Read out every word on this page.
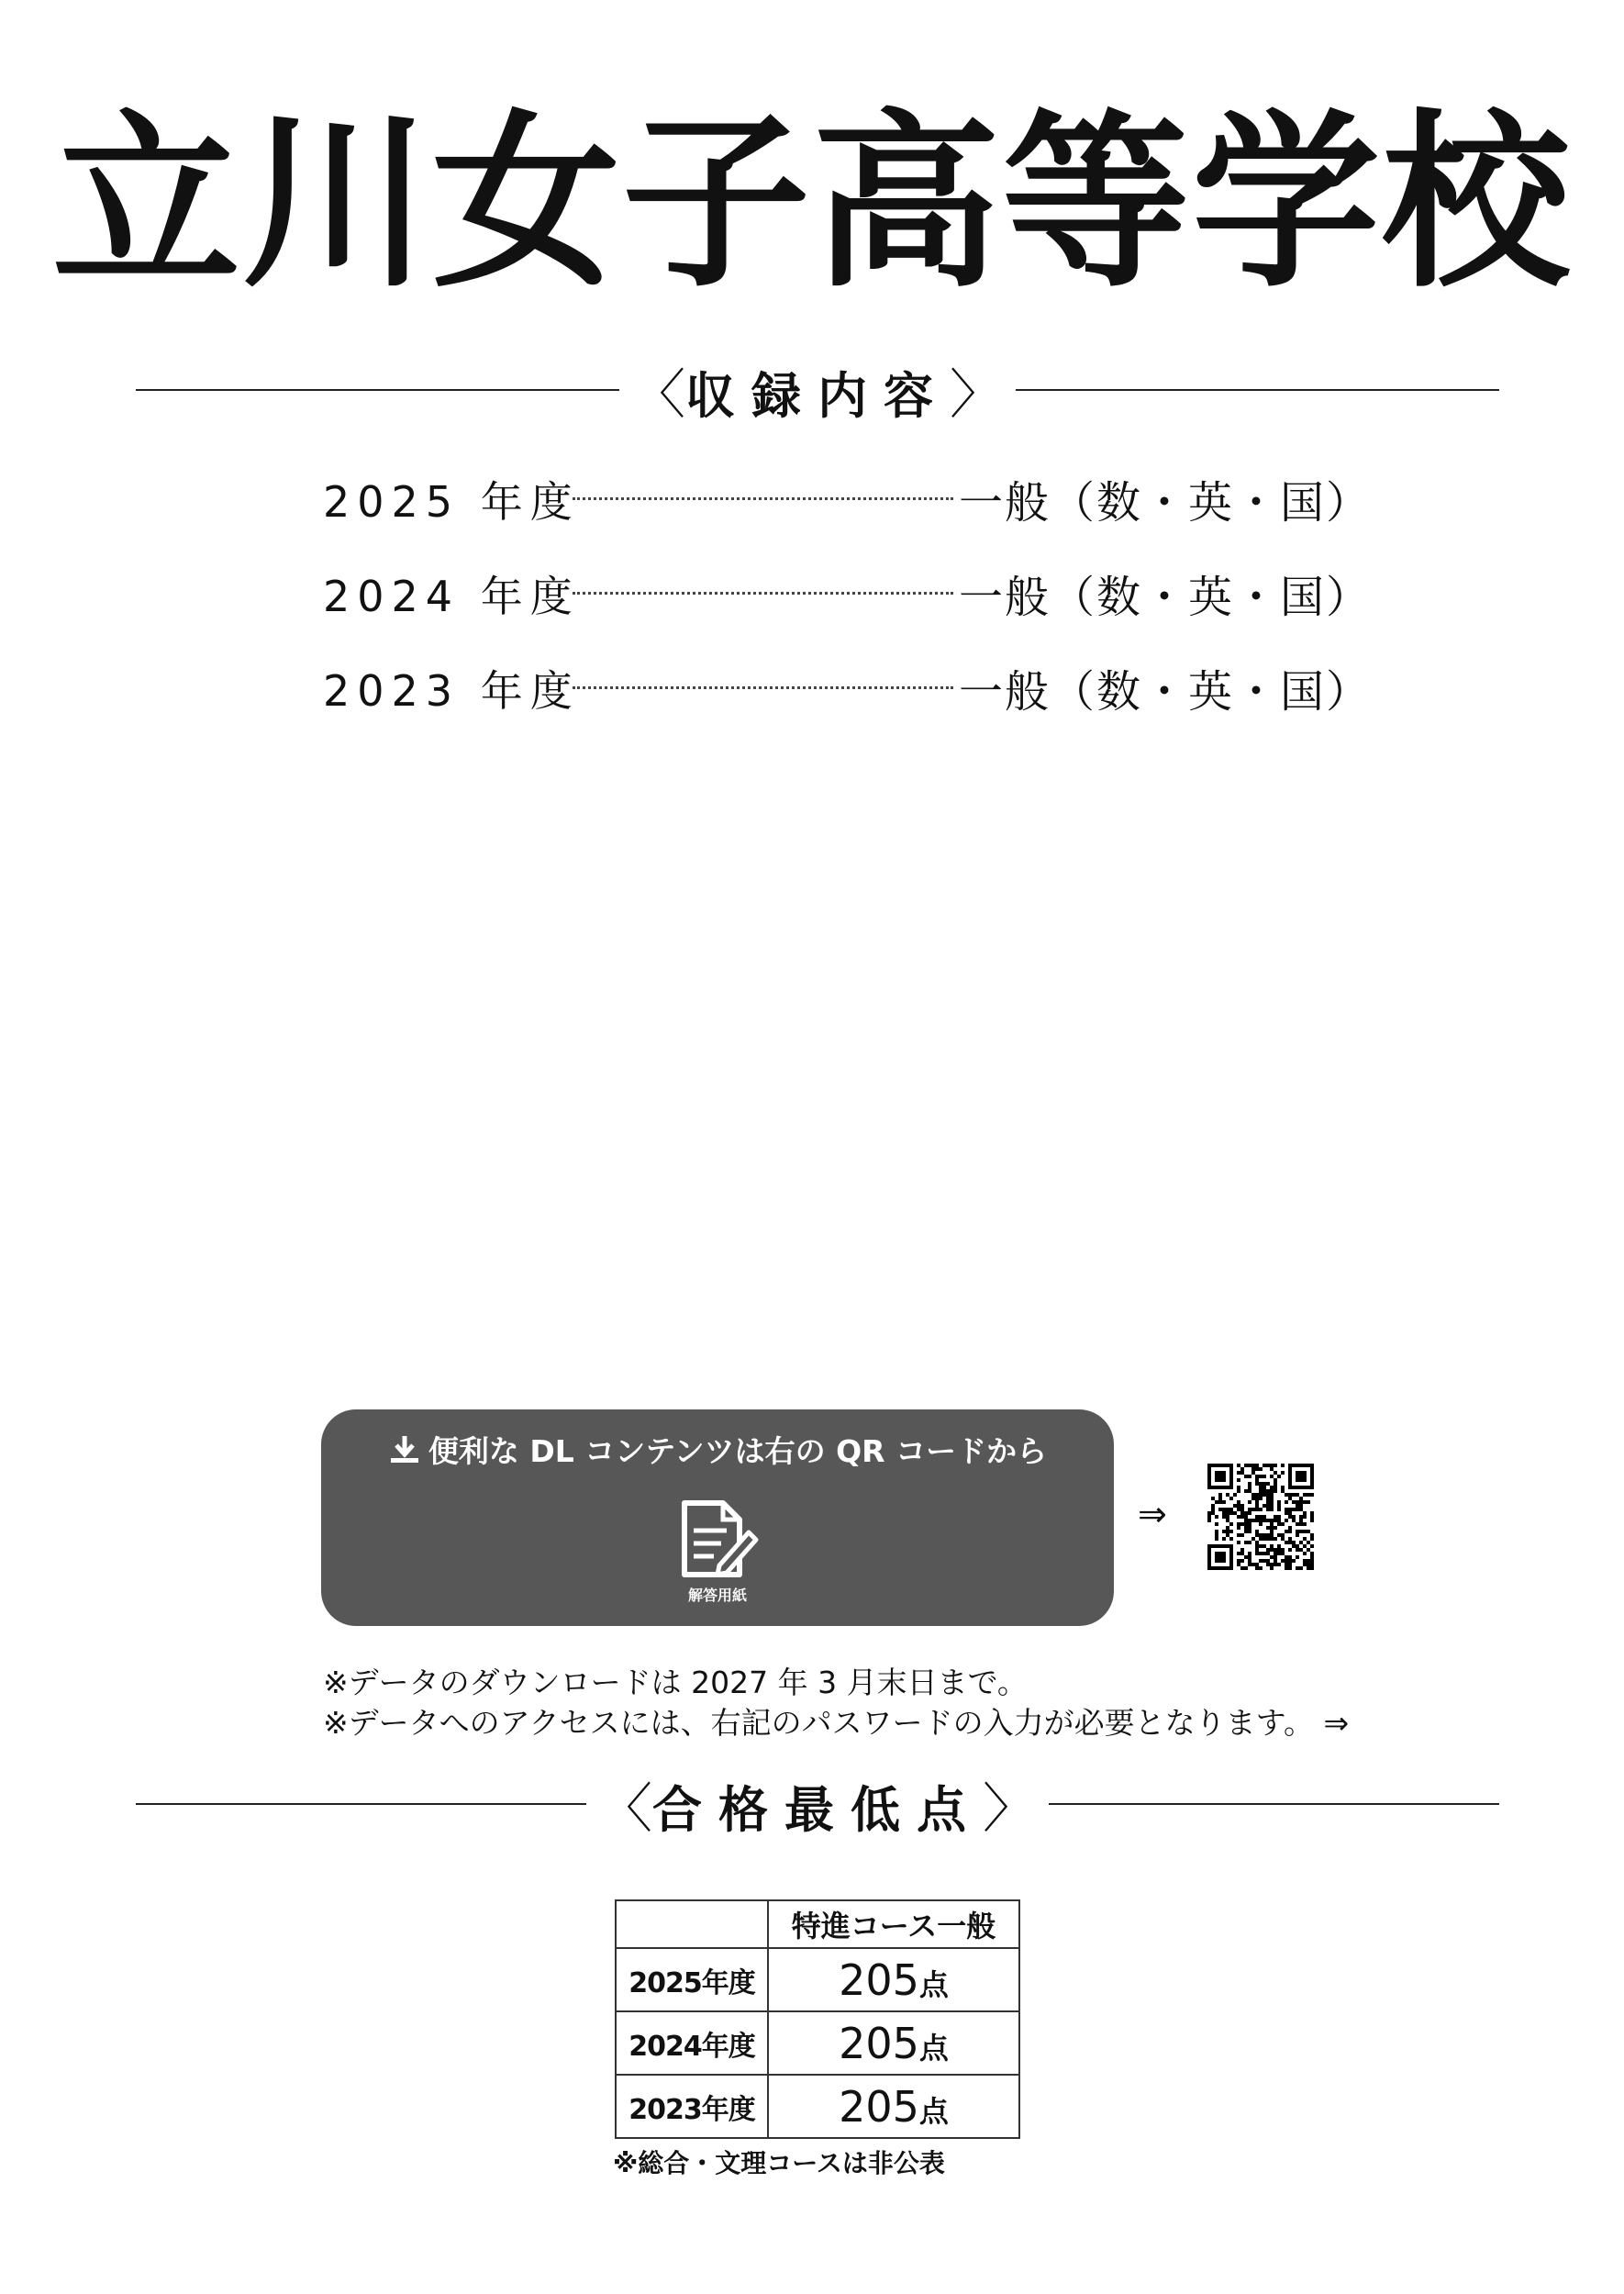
立川女子高等学校
〈収録内容〉
2025 年度	一般（数・英・国）
2024 年度	一般（数・英・国）
2023 年度	一般（数・英・国）
便利な DL コンテンツは右の QR コードから
解答用紙
⇒
※データのダウンロードは 2027 年 3 月末日まで。
※データへのアクセスには、右記のパスワードの入力が必要となります。 ⇒
〈合格最低点〉
	特進コース一般
2025年度	205点
2024年度	205点
2023年度	205点
※総合・文理コースは非公表
